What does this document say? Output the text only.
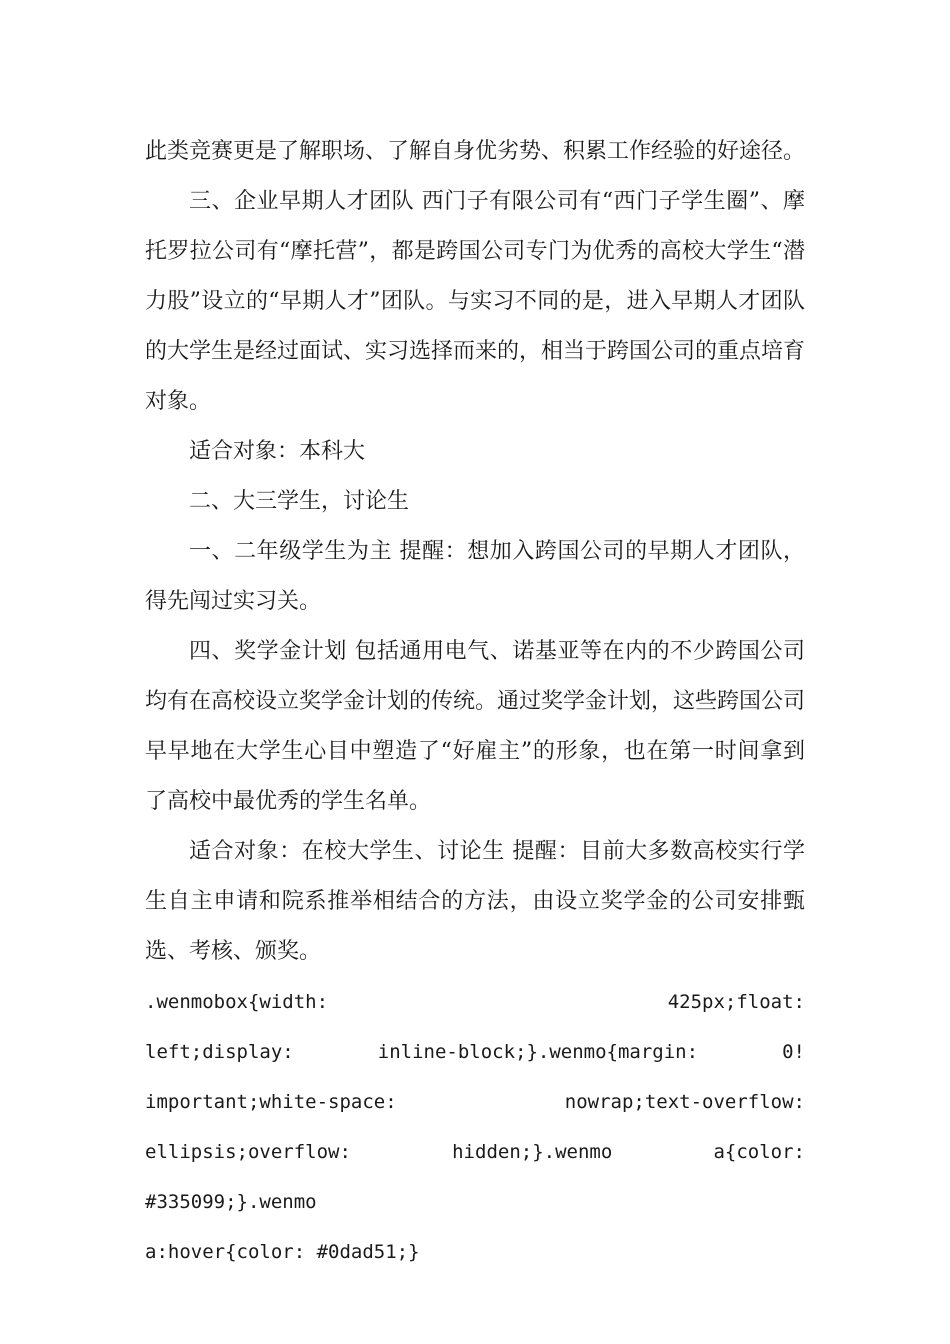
此类竞赛更是了解职场、了解自身优劣势、积累工作经验的好途径。

三、企业早期人才团队 西门子有限公司有“西门子学生圈”、摩托罗拉公司有“摩托营”，都是跨国公司专门为优秀的高校大学生“潜力股”设立的“早期人才”团队。与实习不同的是，进入早期人才团队的大学生是经过面试、实习选择而来的，相当于跨国公司的重点培育对象。

适合对象：本科大

二、大三学生，讨论生

一、二年级学生为主 提醒：想加入跨国公司的早期人才团队，得先闯过实习关。

四、奖学金计划 包括通用电气、诺基亚等在内的不少跨国公司均有在高校设立奖学金计划的传统。通过奖学金计划，这些跨国公司早早地在大学生心目中塑造了“好雇主”的形象，也在第一时间拿到了高校中最优秀的学生名单。

适合对象：在校大学生、讨论生 提醒：目前大多数高校实行学生自主申请和院系推举相结合的方法，由设立奖学金的公司安排甄选、考核、颁奖。

.wenmobox{width: 425px;float:
left;display: inline-block;}.wenmo{margin: 0!
important;white-space: nowrap;text-overflow:
ellipsis;overflow: hidden;}.wenmo a{color: #335099;}.wenmo
a:hover{color: #0dad51;}
